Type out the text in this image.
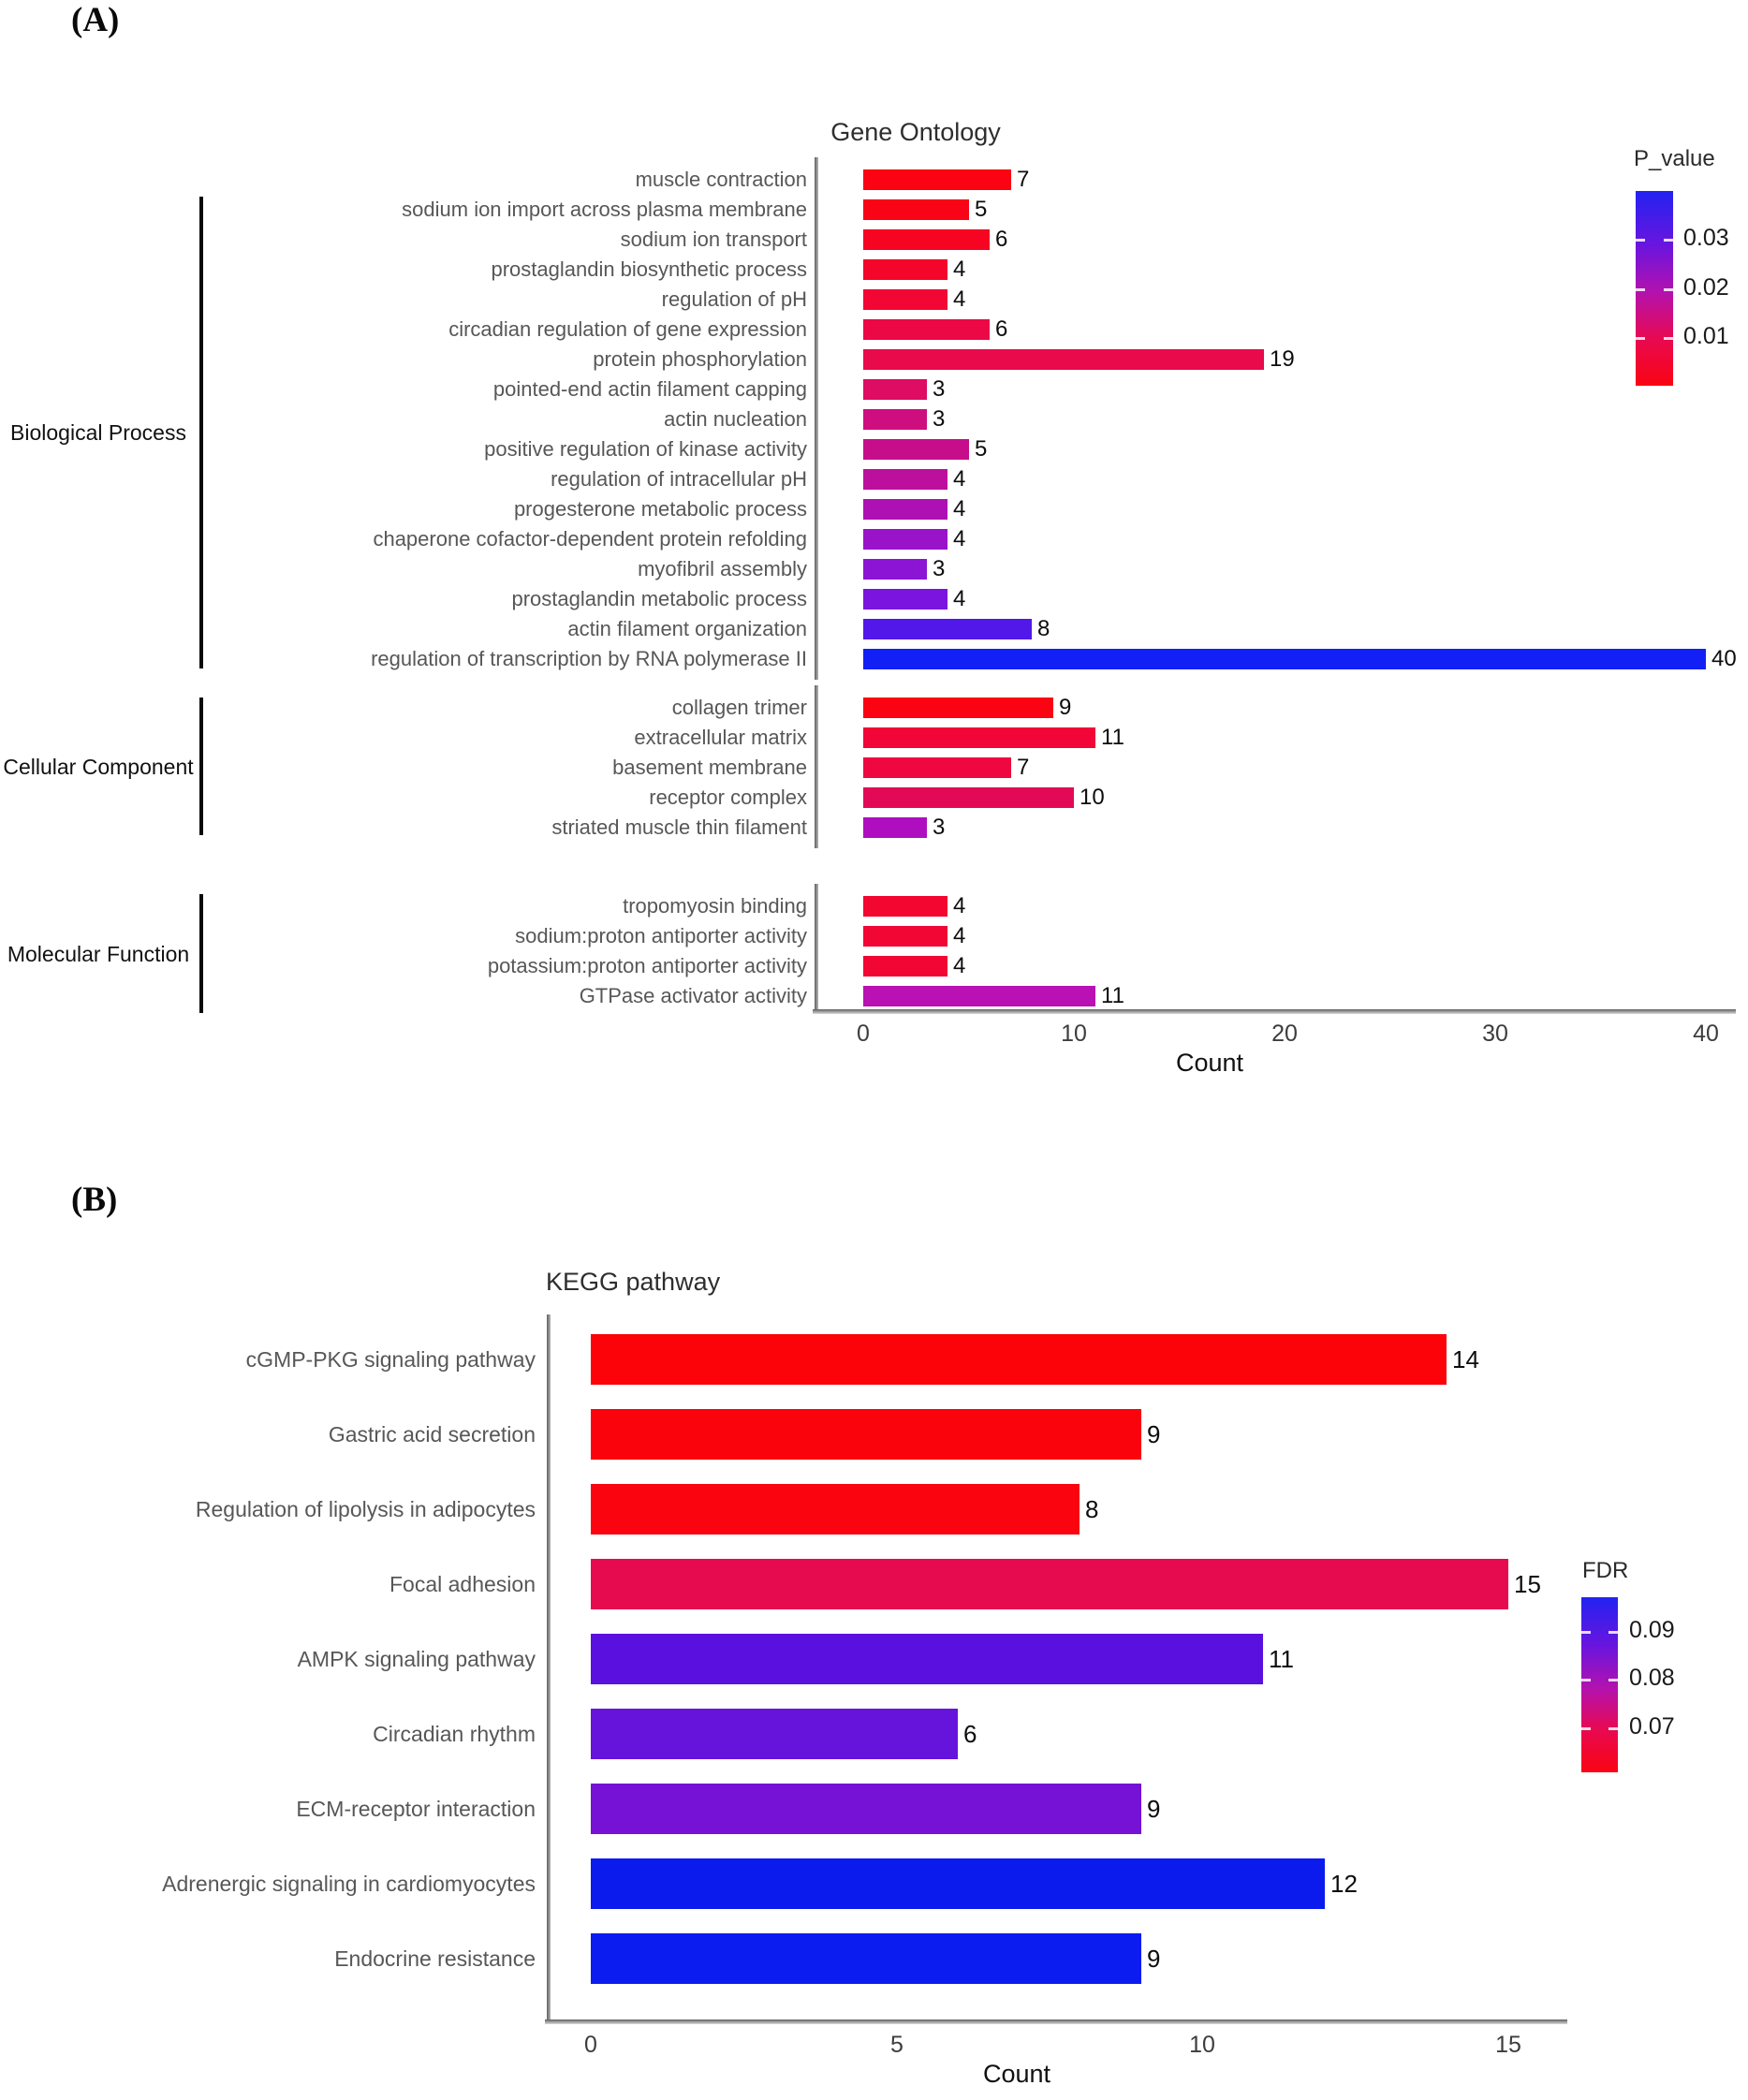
(A)
Gene Ontology
muscle contraction	7
sodium ion import across plasma membrane	5
sodium ion transport	6
prostaglandin biosynthetic process	4
regulation of pH	4
circadian regulation of gene expression	6
protein phosphorylation	19
pointed-end actin filament capping	3
actin nucleation	3
positive regulation of kinase activity	5
regulation of intracellular pH	4
progesterone metabolic process	4
chaperone cofactor-dependent protein refolding	4
myofibril assembly	3
prostaglandin metabolic process	4
actin filament organization	8
regulation of transcription by RNA polymerase II	40
Biological Process
collagen trimer	9
extracellular matrix	11
basement membrane	7
receptor complex	10
striated muscle thin filament	3
Cellular Component
tropomyosin binding	4
sodium:proton antiporter activity	4
potassium:proton antiporter activity	4
GTPase activator activity	11
Molecular Function
0	10	20	30	40
Count
P_value
0.03
0.02
0.01
(B)
KEGG pathway
cGMP-PKG signaling pathway	14
Gastric acid secretion	9
Regulation of lipolysis in adipocytes	8
Focal adhesion	15
AMPK signaling pathway	11
Circadian rhythm	6
ECM-receptor interaction	9
Adrenergic signaling in cardiomyocytes	12
Endocrine resistance	9
0	5	10	15
Count
FDR
0.09
0.08
0.07
